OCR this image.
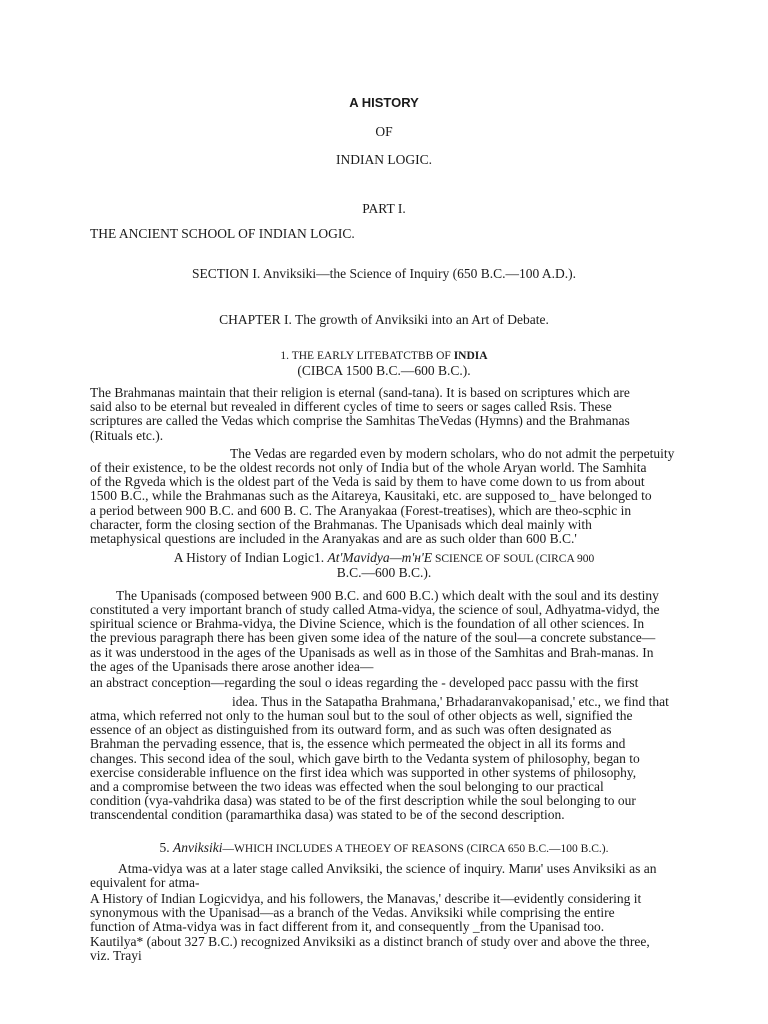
A HISTORY
OF
INDIAN LOGIC.
PART I.
THE ANCIENT SCHOOL OF INDIAN LOGIC.
SECTION I. Anviksiki—the Science of Inquiry (650 B.C.—100 A.D.).
CHAPTER I. The growth of Anviksiki into an Art of Debate.
1. THE EARLY LITEBATCTBB OF INDIA
(CIBCA 1500 B.C.—600 B.C.).
The Brahmanas maintain that their religion is eternal (sand-tana). It is based on scriptures which are
said also to be eternal but revealed in different cycles of time to seers or sages called Rsis. These
scriptures are called the Vedas which comprise the Samhitas TheVedas (Hymns) and the Brahmanas
(Rituals etc.).
The Vedas are regarded even by modern scholars, who do not admit the perpetuity
of their existence, to be the oldest records not only of India but of the whole Aryan world. The Samhita
of the Rgveda which is the oldest part of the Veda is said by them to have come down to us from about
1500 B.C., while the Brahmanas such as the Aitareya, Kausitaki, etc. are supposed to_ have belonged to
a period between 900 B.C. and 600 B. C. The Aranyakaa (Forest-treatises), which are theo-scphic in
character, form the closing section of the Brahmanas. The Upanisads which deal mainly with
metaphysical questions are included in the Aranyakas and are as such older than 600 B.C.'
A History of Indian Logic1. At'Mavidya—m'н'E SCIENCE OF SOUL (CIRCA 900
B.C.—600 B.C.).
The Upanisads (composed between 900 B.C. and 600 B.C.) which dealt with the soul and its destiny
constituted a very important branch of study called Atma-vidya, the science of soul, Adhyatma-vidyd, the
spiritual science or Brahma-vidya, the Divine Science, which is the foundation of all other sciences. In
the previous paragraph there has been given some idea of the nature of the soul—a concrete substance—
as it was understood in the ages of the Upanisads as well as in those of the Samhitas and Brah-manas. In
the ages of the Upanisads there arose another idea—
an abstract conception—regarding the soul o ideas regarding the - developed pacc passu with the first
idea. Thus in the Satapatha Brahmana,' Brhadaranvakopanisad,' etc., we find that
atma, which referred not only to the human soul but to the soul of other objects as well, signified the
essence of an object as distinguished from its outward form, and as such was often designated as
Brahman the pervading essence, that is, the essence which permeated the object in all its forms and
changes. This second idea of the soul, which gave birth to the Vedanta system of philosophy, began to
exercise considerable influence on the first idea which was supported in other systems of philosophy,
and a compromise between the two ideas was effected when the soul belonging to our practical
condition (vya-vahdrika dasa) was stated to be of the first description while the soul belonging to our
transcendental condition (paramarthika dasa) was stated to be of the second description.
5. Anviksiki—WHICH INCLUDES A THEOEY OF REASONS (CIRCA 650 B.C.—100 B.C.).
Atma-vidya was at a later stage called Anviksiki, the science of inquiry. Мапи' uses Anviksiki as an
equivalent for atma-
A History of Indian Logicvidya, and his followers, the Manavas,' describe it—evidently considering it
synonymous with the Upanisad—as a branch of the Vedas. Anviksiki while comprising the entire
function of Atma-vidya was in fact different from it, and consequently _from the Upanisad too.
Kautilya* (about 327 B.C.) recognized Anviksiki as a distinct branch of study over and above the three,
viz. Trayi
